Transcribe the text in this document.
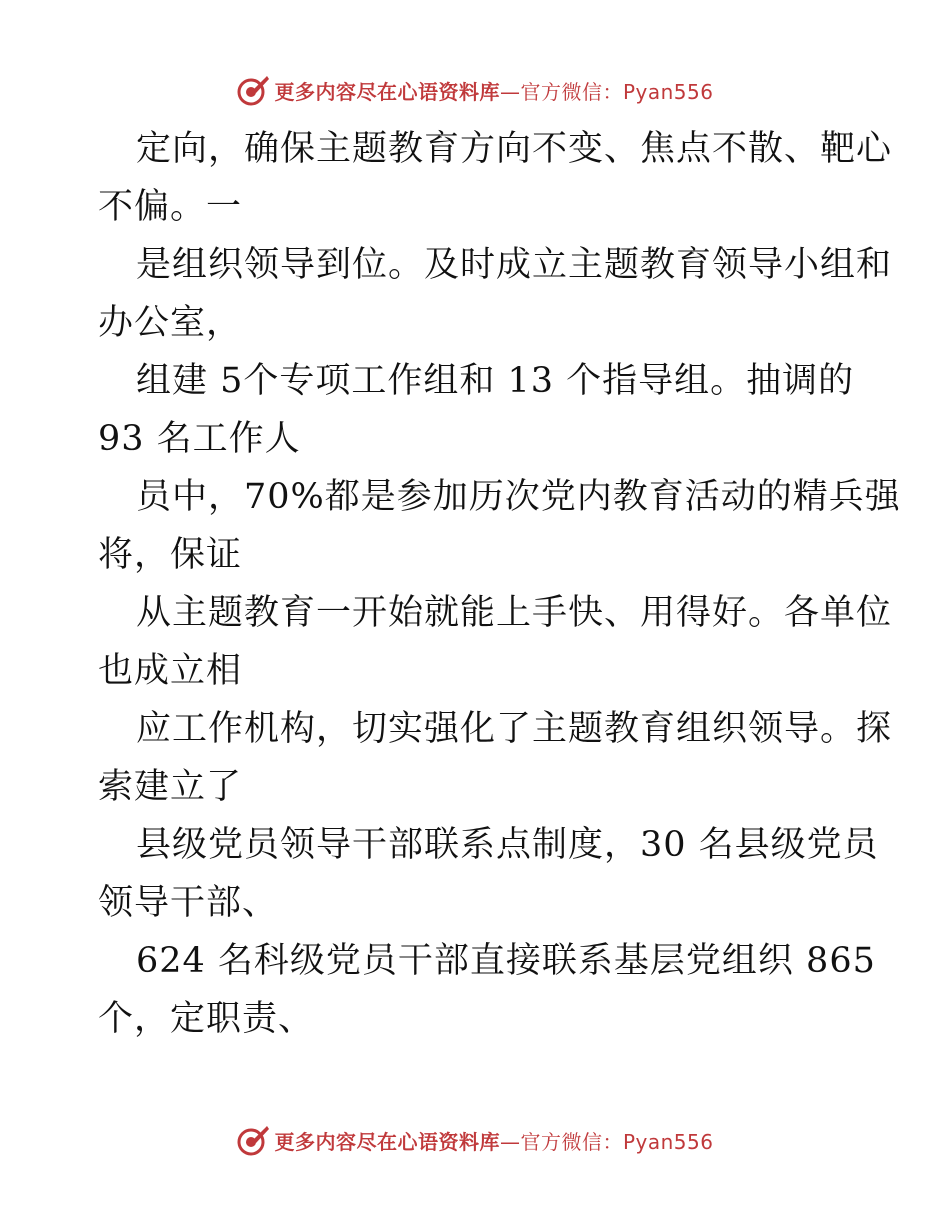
更多内容尽在心语资料库—官方微信：Pyan556
定向，确保主题教育方向不变、焦点不散、靶心
不偏。一
是组织领导到位。及时成立主题教育领导小组和
办公室，
组建 5个专项工作组和 13 个指导组。抽调的
93 名工作人
员中，70%都是参加历次党内教育活动的精兵强
将，保证
从主题教育一开始就能上手快、用得好。各单位
也成立相
应工作机构，切实强化了主题教育组织领导。探
索建立了
县级党员领导干部联系点制度，30 名县级党员
领导干部、
624 名科级党员干部直接联系基层党组织 865
个，定职责、
更多内容尽在心语资料库—官方微信：Pyan556
